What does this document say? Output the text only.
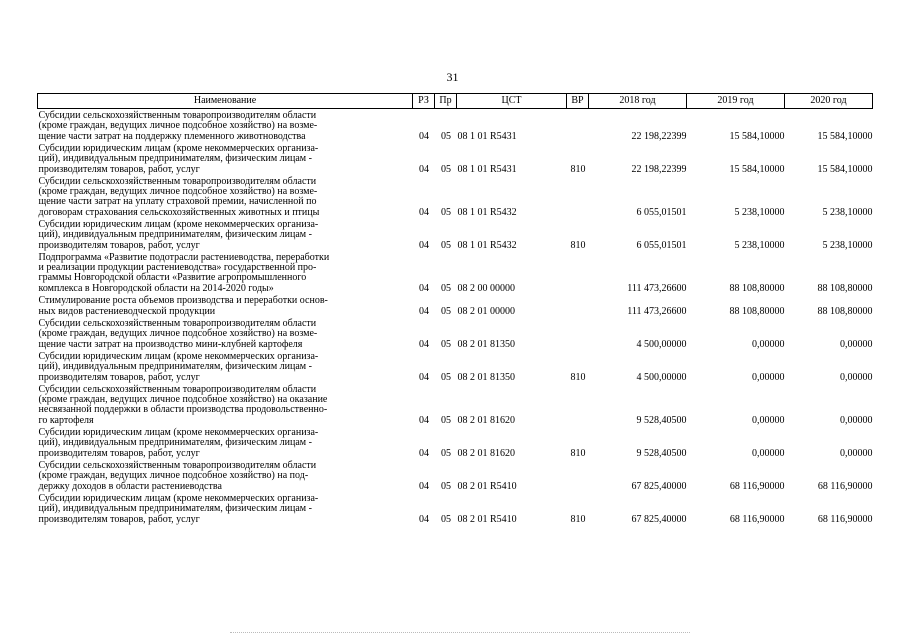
31
Наименование	РЗ	Пр	ЦСТ	ВР	2018 год	2019 год	2020 год

Субсидии сельскохозяйственным товаропроизводителям области
(кроме граждан, ведущих личное подсобное хозяйство) на возме-
щение части затрат на поддержку племенного животноводства	04	05	08 1 01 R5431		22 198,22399	15 584,10000	15 584,10000

Субсидии юридическим лицам (кроме некоммерческих организа-
ций), индивидуальным предпринимателям, физическим лицам -
производителям товаров, работ, услуг	04	05	08 1 01 R5431	810	22 198,22399	15 584,10000	15 584,10000

Субсидии сельскохозяйственным товаропроизводителям области
(кроме граждан, ведущих личное подсобное хозяйство) на возме-
щение части затрат на уплату страховой премии, начисленной по
договорам страхования сельскохозяйственных животных и птицы	04	05	08 1 01 R5432		6 055,01501	5 238,10000	5 238,10000

Субсидии юридическим лицам (кроме некоммерческих организа-
ций), индивидуальным предпринимателям, физическим лицам -
производителям товаров, работ, услуг	04	05	08 1 01 R5432	810	6 055,01501	5 238,10000	5 238,10000

Подпрограмма «Развитие подотрасли растениеводства, переработки
и реализации продукции растениеводства» государственной про-
граммы Новгородской области «Развитие агропромышленного
комплекса в Новгородской области на 2014-2020 годы»	04	05	08 2 00 00000		111 473,26600	88 108,80000	88 108,80000

Стимулирование роста объемов производства и переработки основ-
ных видов растениеводческой продукции	04	05	08 2 01 00000		111 473,26600	88 108,80000	88 108,80000

Субсидии сельскохозяйственным товаропроизводителям области
(кроме граждан, ведущих личное подсобное хозяйство) на возме-
щение части затрат на производство мини-клубней картофеля	04	05	08 2 01 81350		4 500,00000	0,00000	0,00000

Субсидии юридическим лицам (кроме некоммерческих организа-
ций), индивидуальным предпринимателям, физическим лицам -
производителям товаров, работ, услуг	04	05	08 2 01 81350	810	4 500,00000	0,00000	0,00000

Субсидии сельскохозяйственным товаропроизводителям области
(кроме граждан, ведущих личное подсобное хозяйство) на оказание
несвязанной поддержки в области производства продовольственно-
го картофеля	04	05	08 2 01 81620		9 528,40500	0,00000	0,00000

Субсидии юридическим лицам (кроме некоммерческих организа-
ций), индивидуальным предпринимателям, физическим лицам -
производителям товаров, работ, услуг	04	05	08 2 01 81620	810	9 528,40500	0,00000	0,00000

Субсидии сельскохозяйственным товаропроизводителям области
(кроме граждан, ведущих личное подсобное хозяйство) на под-
держку доходов в области растениеводства	04	05	08 2 01 R5410		67 825,40000	68 116,90000	68 116,90000

Субсидии юридическим лицам (кроме некоммерческих организа-
ций), индивидуальным предпринимателям, физическим лицам -
производителям товаров, работ, услуг	04	05	08 2 01 R5410	810	67 825,40000	68 116,90000	68 116,90000
